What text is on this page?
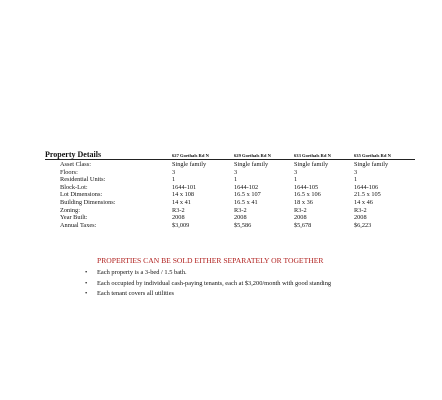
Property Details	627 Goethals Rd N	629 Goethals Rd N	633 Goethals Rd N	635 Goethals Rd N
Asset Class:	Single family	Single family	Single family	Single family
Floors:	3	3	3	3
Residential Units:	1	1	1	1
Block-Lot:	1644-101	1644-102	1644-105	1644-106
Lot Dimensions:	14 x 108	16.5 x 107	16.5 x 106	21.5 x 105
Building Dimensions:	14 x 41	16.5 x 41	18 x 36	14 x 46
Zoning:	R3-2	R3-2	R3-2	R3-2
Year Built:	2008	2008	2008	2008
Annual Taxes:	$3,009	$5,586	$5,678	$6,223
PROPERTIES CAN BE SOLD EITHER SEPARATELY OR TOGETHER
• Each property is a 3-bed / 1.5 bath.
• Each occupied by individual cash-paying tenants, each at $3,200/month with good standing
• Each tenant covers all utilities
